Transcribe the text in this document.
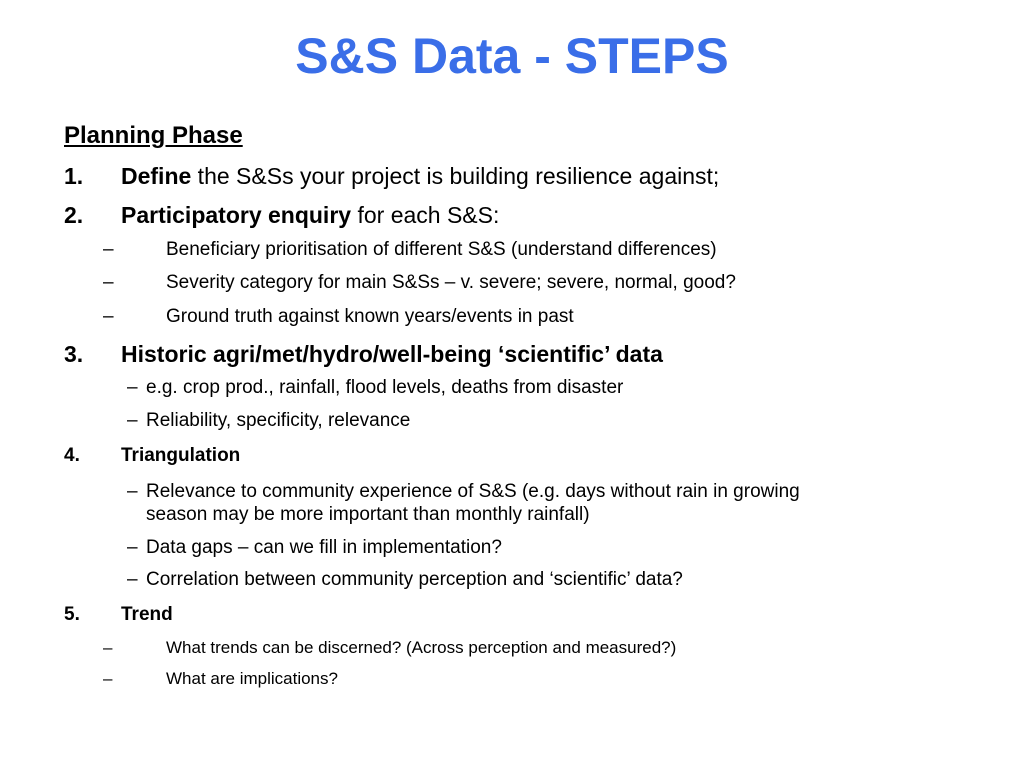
S&S Data - STEPS
Planning Phase
1. Define the S&Ss your project is building resilience against;
2. Participatory enquiry for each S&S:
–	Beneficiary prioritisation of different S&S (understand differences)
–	Severity category for main S&Ss – v. severe; severe, normal, good?
–	Ground truth against known years/events in past
3. Historic agri/met/hydro/well-being ‘scientific’ data
– e.g. crop prod., rainfall, flood levels, deaths from disaster
– Reliability, specificity, relevance
4. Triangulation
– Relevance to community experience of S&S (e.g. days without rain in growing
season may be more important than monthly rainfall)
– Data gaps – can we fill in implementation?
– Correlation between community perception and ‘scientific’ data?
5. Trend
–	What trends can be discerned? (Across perception and measured?)
–	What are implications?
